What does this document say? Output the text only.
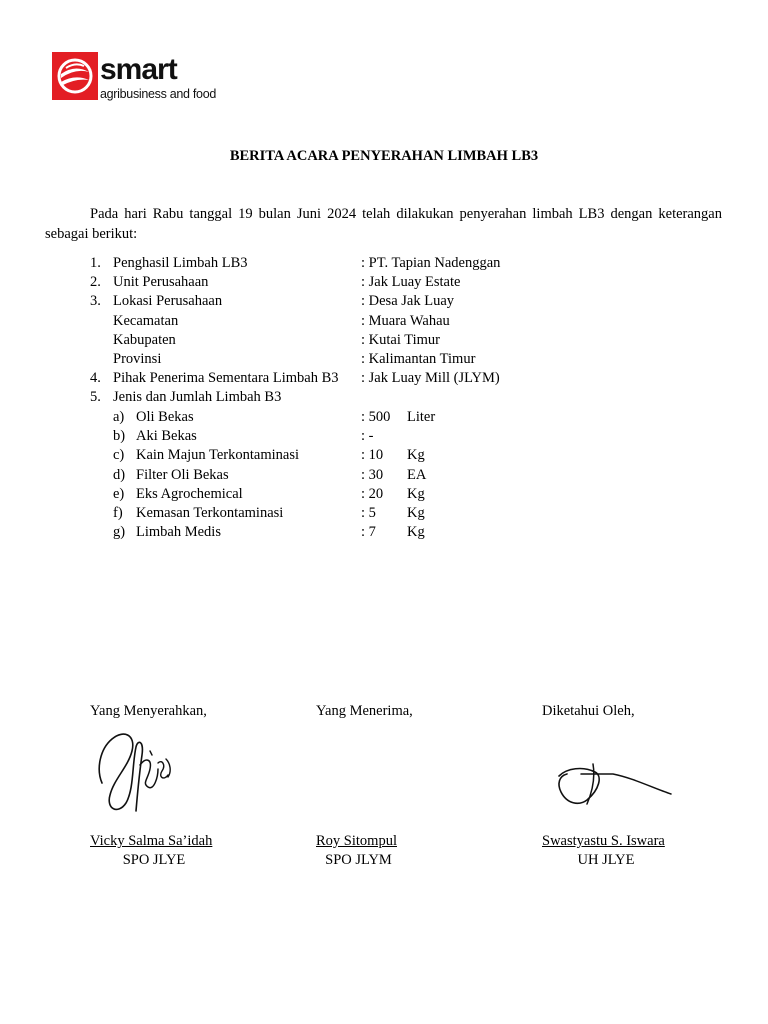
smart
agribusiness and food
BERITA ACARA PENYERAHAN LIMBAH LB3
Pada hari Rabu tanggal 19 bulan Juni 2024 telah dilakukan penyerahan limbah LB3 dengan keterangan
sebagai berikut:
1. Penghasil Limbah LB3	: PT. Tapian Nadenggan
2. Unit Perusahaan	: Jak Luay Estate
3. Lokasi Perusahaan	: Desa Jak Luay
Kecamatan	: Muara Wahau
Kabupaten	: Kutai Timur
Provinsi	: Kalimantan Timur
4. Pihak Penerima Sementara Limbah B3 : Jak Luay Mill (JLYM)
5. Jenis dan Jumlah Limbah B3
a) Oli Bekas	: 500 Liter
b) Aki Bekas	: -
c) Kain Majun Terkontaminasi	: 10 Kg
d) Filter Oli Bekas	: 30 EA
e) Eks Agrochemical	: 20 Kg
f) Kemasan Terkontaminasi	: 5 Kg
g) Limbah Medis	: 7 Kg
Yang Menyerahkan,	Yang Menerima,	Diketahui Oleh,
Vicky Salma Sa’idah	Roy Sitompul	Swastyastu S. Iswara
SPO JLYE	SPO JLYM	UH JLYE
